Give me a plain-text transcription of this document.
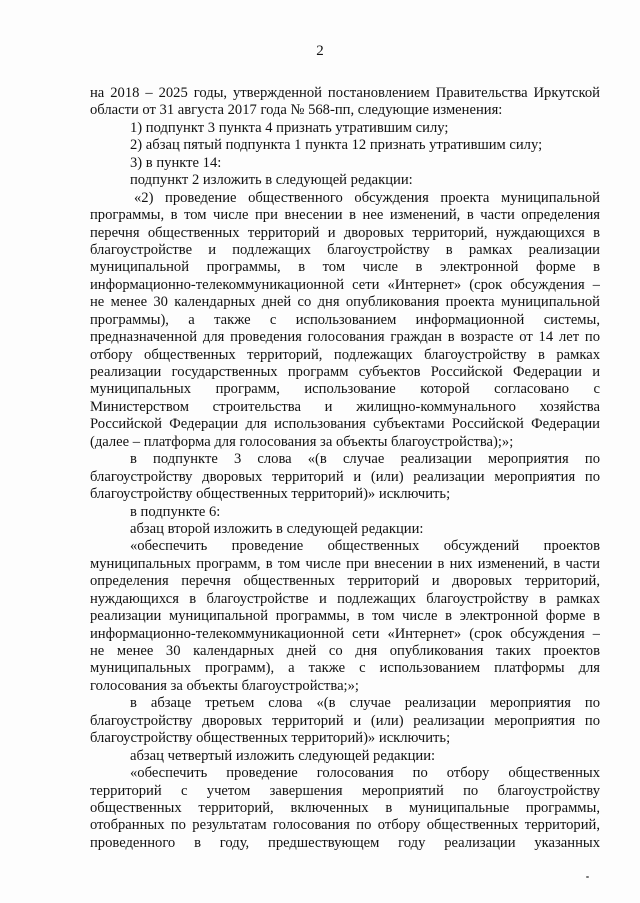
2
на 2018 – 2025 годы, утвержденной постановлением Правительства Иркутской
области от 31 августа 2017 года № 568-пп, следующие изменения:
1) подпункт 3 пункта 4 признать утратившим силу;
2) абзац пятый подпункта 1 пункта 12 признать утратившим силу;
3) в пункте 14:
подпункт 2 изложить в следующей редакции:
«2) проведение общественного обсуждения проекта муниципальной
программы, в том числе при внесении в нее изменений, в части определения
перечня общественных территорий и дворовых территорий, нуждающихся в
благоустройстве и подлежащих благоустройству в рамках реализации
муниципальной программы, в том числе в электронной форме в
информационно-телекоммуникационной сети «Интернет» (срок обсуждения –
не менее 30 календарных дней со дня опубликования проекта муниципальной
программы), а также с использованием информационной системы,
предназначенной для проведения голосования граждан в возрасте от 14 лет по
отбору общественных территорий, подлежащих благоустройству в рамках
реализации государственных программ субъектов Российской Федерации и
муниципальных программ, использование которой согласовано с
Министерством строительства и жилищно-коммунального хозяйства
Российской Федерации для использования субъектами Российской Федерации
(далее – платформа для голосования за объекты благоустройства);»;
в подпункте 3 слова «(в случае реализации мероприятия по
благоустройству дворовых территорий и (или) реализации мероприятия по
благоустройству общественных территорий)» исключить;
в подпункте 6:
абзац второй изложить в следующей редакции:
«обеспечить проведение общественных обсуждений проектов
муниципальных программ, в том числе при внесении в них изменений, в части
определения перечня общественных территорий и дворовых территорий,
нуждающихся в благоустройстве и подлежащих благоустройству в рамках
реализации муниципальной программы, в том числе в электронной форме в
информационно-телекоммуникационной сети «Интернет» (срок обсуждения –
не менее 30 календарных дней со дня опубликования таких проектов
муниципальных программ), а также с использованием платформы для
голосования за объекты благоустройства;»;
в абзаце третьем слова «(в случае реализации мероприятия по
благоустройству дворовых территорий и (или) реализации мероприятия по
благоустройству общественных территорий)» исключить;
абзац четвертый изложить следующей редакции:
«обеспечить проведение голосования по отбору общественных
территорий с учетом завершения мероприятий по благоустройству
общественных территорий, включенных в муниципальные программы,
отобранных по результатам голосования по отбору общественных территорий,
проведенного в году, предшествующем году реализации указанных
